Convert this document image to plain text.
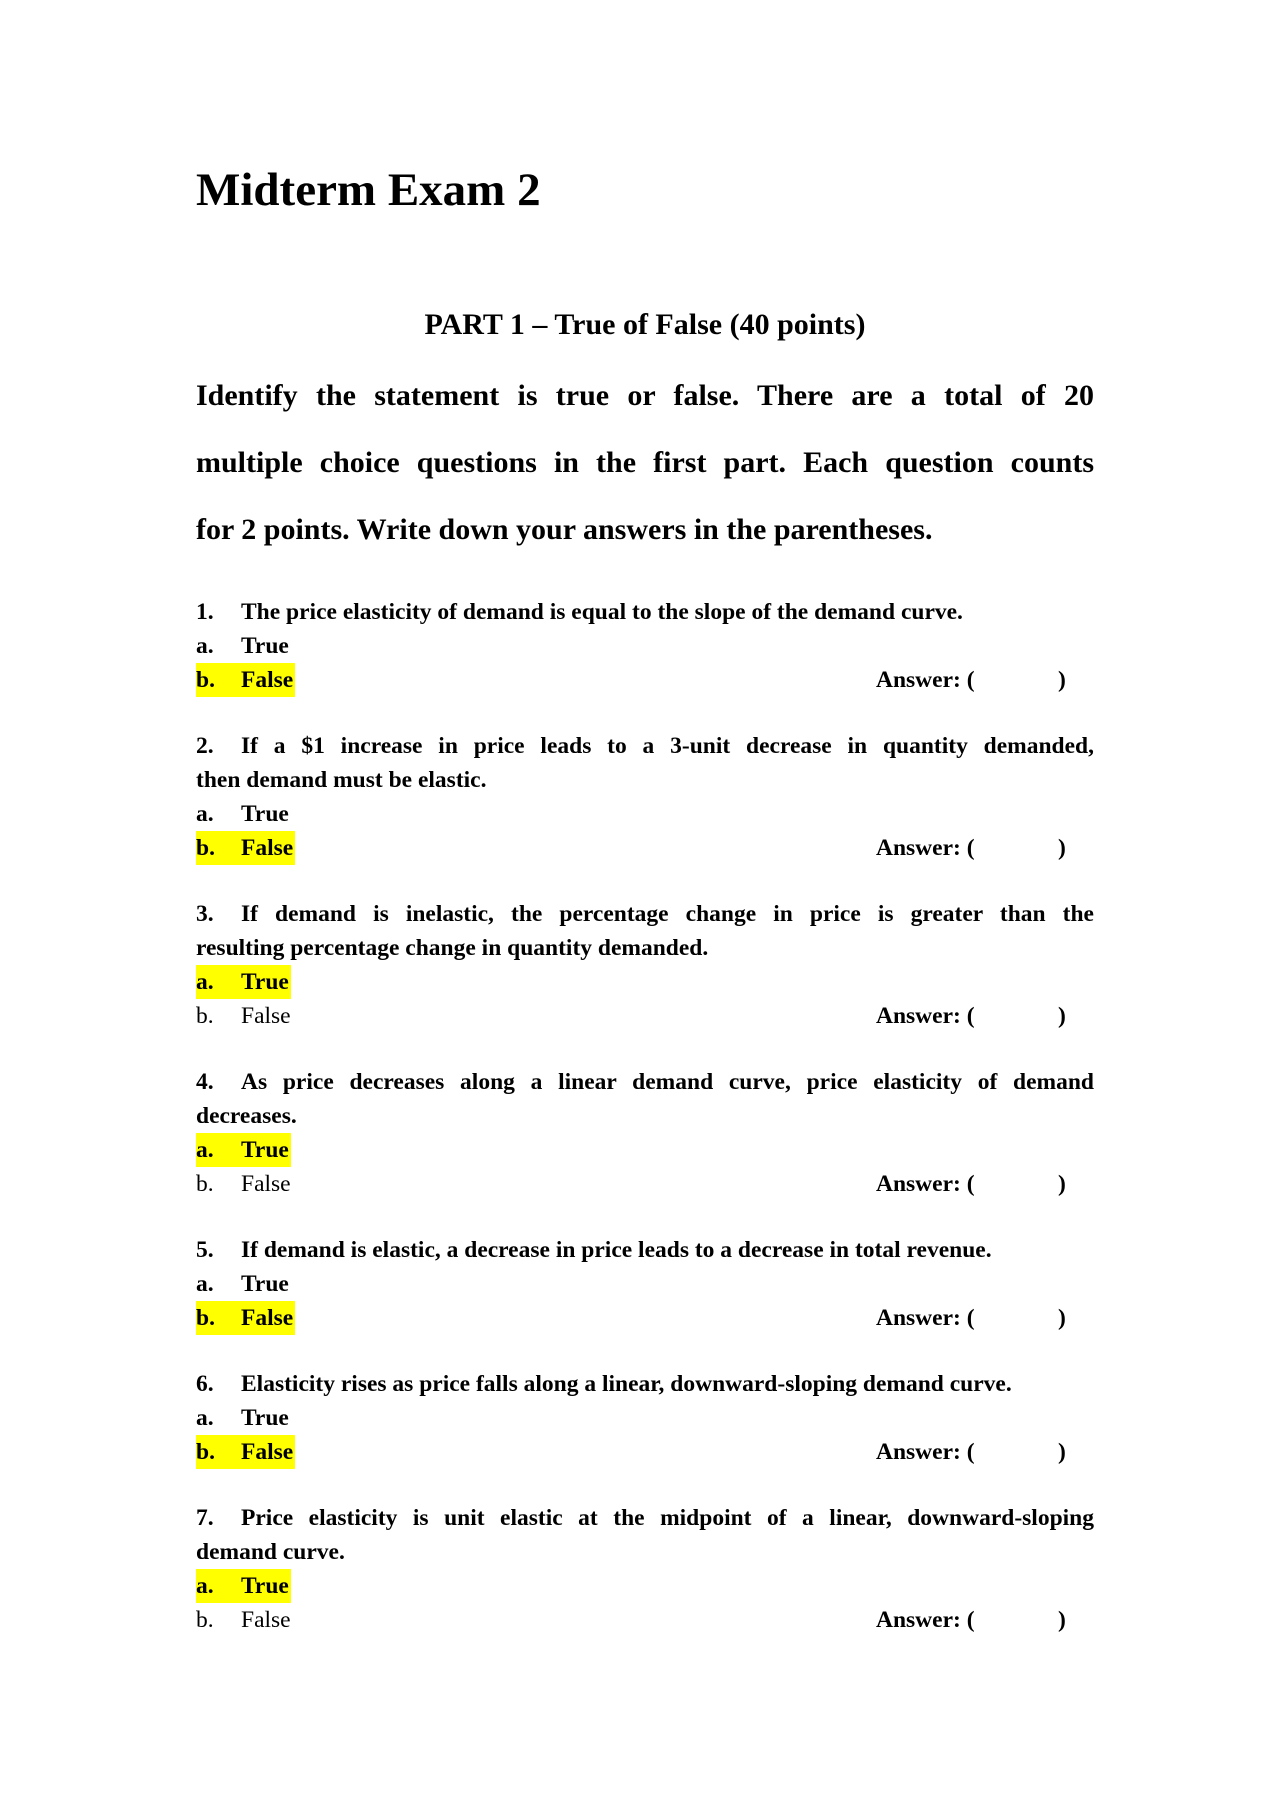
Midterm Exam 2
PART 1 – True of False (40 points)
Identify the statement is true or false. There are a total of 20
multiple choice questions in the first part. Each question counts
for 2 points. Write down your answers in the parentheses.
1. The price elasticity of demand is equal to the slope of the demand curve.
a. True
b. False	Answer: (	)
2. If a $1 increase in price leads to a 3-unit decrease in quantity demanded,
then demand must be elastic.
a. True
b. False	Answer: (	)
3. If demand is inelastic, the percentage change in price is greater than the
resulting percentage change in quantity demanded.
a. True
b. False	Answer: (	)
4. As price decreases along a linear demand curve, price elasticity of demand
decreases.
a. True
b. False	Answer: (	)
5. If demand is elastic, a decrease in price leads to a decrease in total revenue.
a. True
b. False	Answer: (	)
6. Elasticity rises as price falls along a linear, downward-sloping demand curve.
a. True
b. False	Answer: (	)
7. Price elasticity is unit elastic at the midpoint of a linear, downward-sloping
demand curve.
a. True
b. False	Answer: (	)
